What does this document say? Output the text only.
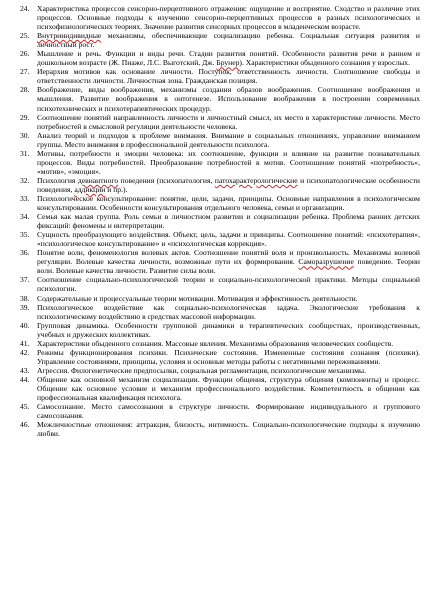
24. Характеристика процессов сенсорно-перцептивного отражения: ощущение и восприятие. Сходство и различие этих процессов. Основные подходы к изучению сенсорно-перцептивных процессов в разных психологических и психофизиологических теориях. Значение развития сенсорных процессов в младенческом возрасте.
25. Внутрииндивидные механизмы, обеспечивающие социализацию ребенка. Социальная ситуация развития и личностный рост.
26. Мышление и речь. Функции и виды речи. Стадии развития понятий. Особенности развития речи в раннем и дошкольном возрасте (Ж. Пиаже, Л.С. Выготский, Дж. Брунер). Характеристики обыденного сознания у взрослых.
27. Иерархия мотивов как основание личности. Поступок, ответственность личности. Соотношение свободы и ответственности личности. Личностная зона. Гражданская позиция.
28. Воображение, виды воображения, механизмы создания образов воображения. Соотношение воображения и мышления. Развитие воображения в онтогенезе. Использование воображения в построении современных психотехнических и психотерапевтических процедур.
29. Соотношение понятий направленность личности и личностный смысл, их место в характеристике личности. Место потребностей в смысловой регуляции деятельности человека.
30. Анализ теорий и подходов к проблеме внимания. Внимание в социальных отношениях, управление вниманием группы. Место внимания в профессиональной деятельности психолога.
31. Мотивы, потребности и эмоции человека: их соотношение, функции и влияние на развитие познавательных процессов. Виды потребностей. Преобразование потребностей в мотив. Соотношение понятий «потребность», «мотив», «эмоция».
32. Психология девиантного поведения (психопатология, патохарактерологические и психопатологические особенности поведения, аддикции и пр.).
33. Психологическое консультирование: понятие, цели, задачи, принципы. Основные направления в психологическом консультировании. Особенности консультирования отдельного человека, семьи и организации.
34. Семья как малая группа. Роль семьи в личностном развитии и социализации ребенка. Проблема ранних детских фиксаций: феномены и интерпретации.
35. Сущность преобразующего воздействия. Объект, цель, задачи и принципы. Соотношение понятий: «психотерапия», «психологическое консультирование» и «психологическая коррекция».
36. Понятие воли, феноменология волевых актов. Соотношение понятий воля и произвольность. Механизмы волевой регуляции. Волевые качества личности, возможные пути их формирования. Саморазрушение поведение. Теории воли. Волевые качества личности. Развитие силы воли.
37. Соотношение социально-психологической теории и социально-психологической практики. Методы социальной психологии.
38. Содержательные и процессуальные теории мотивации. Мотивация и эффективность деятельности.
39. Психологическое воздействие как социально-психологическая задача. Экологические требования к психологическому воздействию в средствах массовой информации.
40. Групповая динамика. Особенности групповой динамики в терапевтических сообществах, производственных, учебных и дружеских коллективах.
41. Характеристики обыденного сознания. Массовые явления. Механизмы образования человеческих сообществ.
42. Режимы функционирования психики. Психические состояния. Измененные состояния сознания (психики). Управление состояниями, принципы, условия и основные методы работы с негативными переживаниями.
43. Агрессия. Филогенетические предпосылки, социальная регламентация, психологические механизмы.
44. Общение как основной механизм социализации. Функции общения, структура общения (компоненты) и процесс. Общение как основное условие и механизм профессионального воздействия. Компетентность в общении как профессиональная квалификация психолога.
45. Самосознание. Место самосознания в структуре личности. Формирование индивидуального и группового самосознания.
46. Межличностные отношения: аттракция, близость, интимность. Социально-психологические подходы к изучению любви.
